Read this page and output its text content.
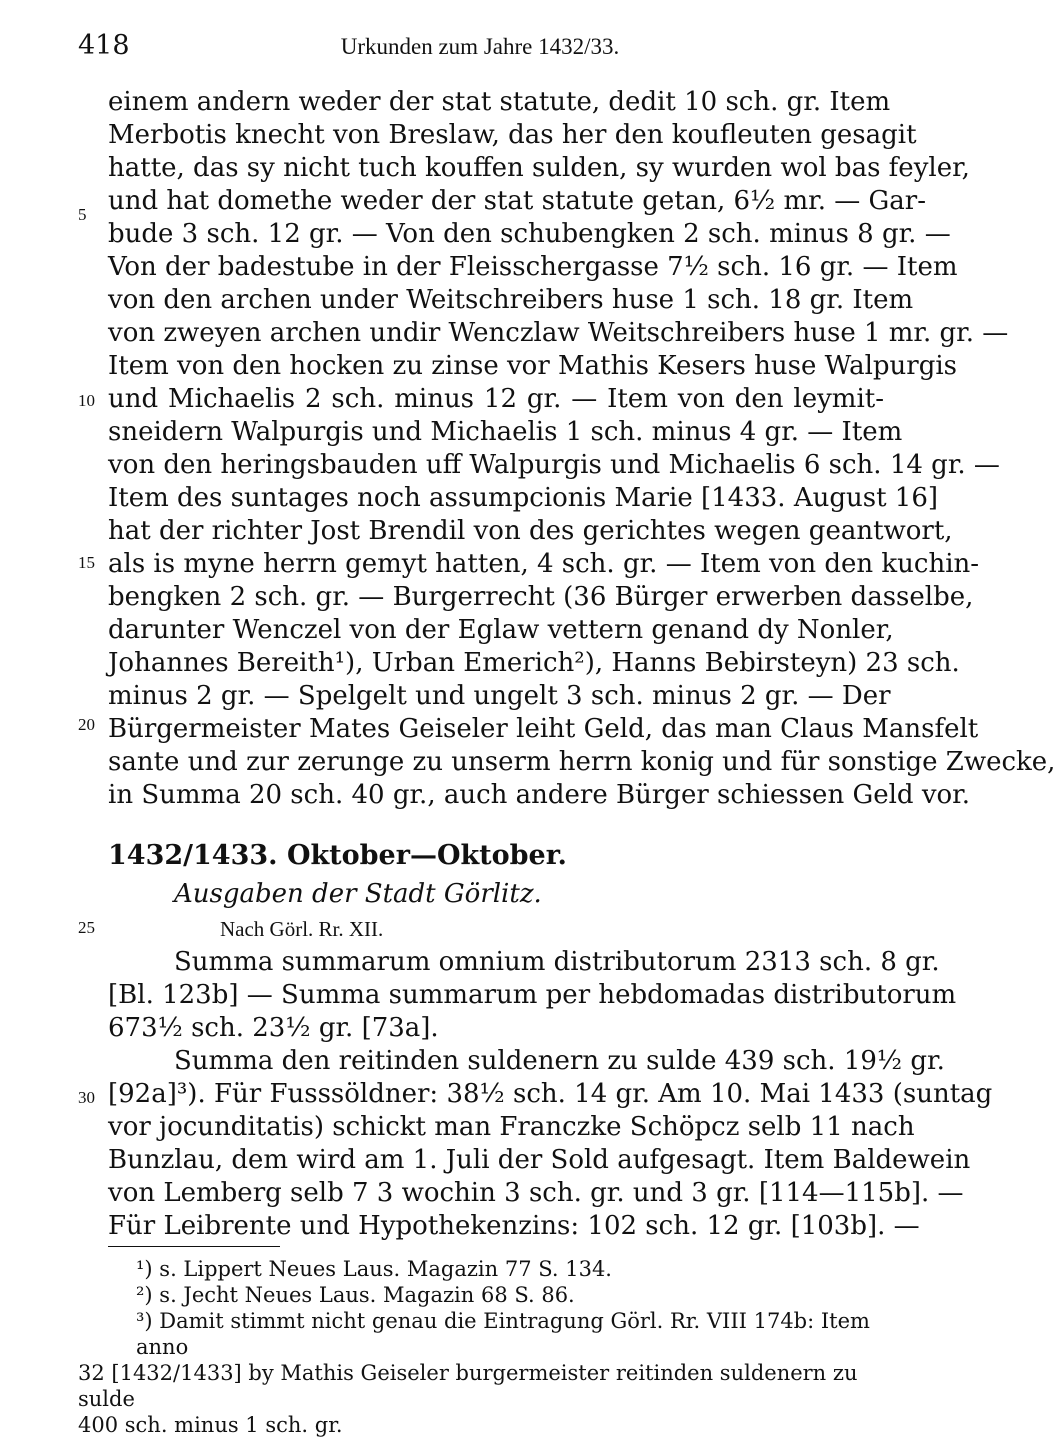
418	Urkunden zum Jahre 1432/33.
einem andern weder der stat statute, dedit 10 sch. gr. Item
Merbotis knecht von Breslaw, das her den koufleuten gesagit
hatte, das sy nicht tuch kouffen sulden, sy wurden wol bas feyler,
und hat domethe weder der stat statute getan, 6½ mr. — Gar-
bude 3 sch. 12 gr. — Von den schubengken 2 sch. minus 8 gr. —
Von der badestube in der Fleisschergasse 7½ sch. 16 gr. — Item
von den archen under Weitschreibers huse 1 sch. 18 gr. Item
von zweyen archen undir Wenczlaw Weitschreibers huse 1 mr. gr. —
Item von den hocken zu zinse vor Mathis Kesers huse Walpurgis
und Michaelis 2 sch. minus 12 gr. — Item von den leymit-
sneidern Walpurgis und Michaelis 1 sch. minus 4 gr. — Item
von den heringsbauden uff Walpurgis und Michaelis 6 sch. 14 gr. —
Item des suntages noch assumpcionis Marie [1433. August 16]
hat der richter Jost Brendil von des gerichtes wegen geantwort,
als is myne herrn gemyt hatten, 4 sch. gr. — Item von den kuchin-
bengken 2 sch. gr. — Burgerrecht (36 Bürger erwerben dasselbe,
darunter Wenczel von der Eglaw vettern genand dy Nonler,
Johannes Bereith¹), Urban Emerich²), Hanns Bebirsteyn) 23 sch.
minus 2 gr. — Spelgelt und ungelt 3 sch. minus 2 gr. — Der
Bürgermeister Mates Geiseler leiht Geld, das man Claus Mansfelt
sante und zur zerunge zu unserm herrn konig und für sonstige Zwecke,
in Summa 20 sch. 40 gr., auch andere Bürger schiessen Geld vor.
5
10
15
20
25
30
1432/1433. Oktober—Oktober.
Ausgaben der Stadt Görlitz.
Nach Görl. Rr. XII.
Summa summarum omnium distributorum 2313 sch. 8 gr.
[Bl. 123b] — Summa summarum per hebdomadas distributorum
673½ sch. 23½ gr. [73a].
Summa den reitinden suldenern zu sulde 439 sch. 19½ gr.
[92a]³). Für Fusssöldner: 38½ sch. 14 gr. Am 10. Mai 1433 (suntag
vor jocunditatis) schickt man Franczke Schöpcz selb 11 nach
Bunzlau, dem wird am 1. Juli der Sold aufgesagt. Item Baldewein
von Lemberg selb 7 3 wochin 3 sch. gr. und 3 gr. [114—115b]. —
Für Leibrente und Hypothekenzins: 102 sch. 12 gr. [103b]. —
¹) s. Lippert Neues Laus. Magazin 77 S. 134.
²) s. Jecht Neues Laus. Magazin 68 S. 86.
³) Damit stimmt nicht genau die Eintragung Görl. Rr. VIII 174b: Item anno
32 [1432/1433] by Mathis Geiseler burgermeister reitinden suldenern zu sulde
400 sch. minus 1 sch. gr.
